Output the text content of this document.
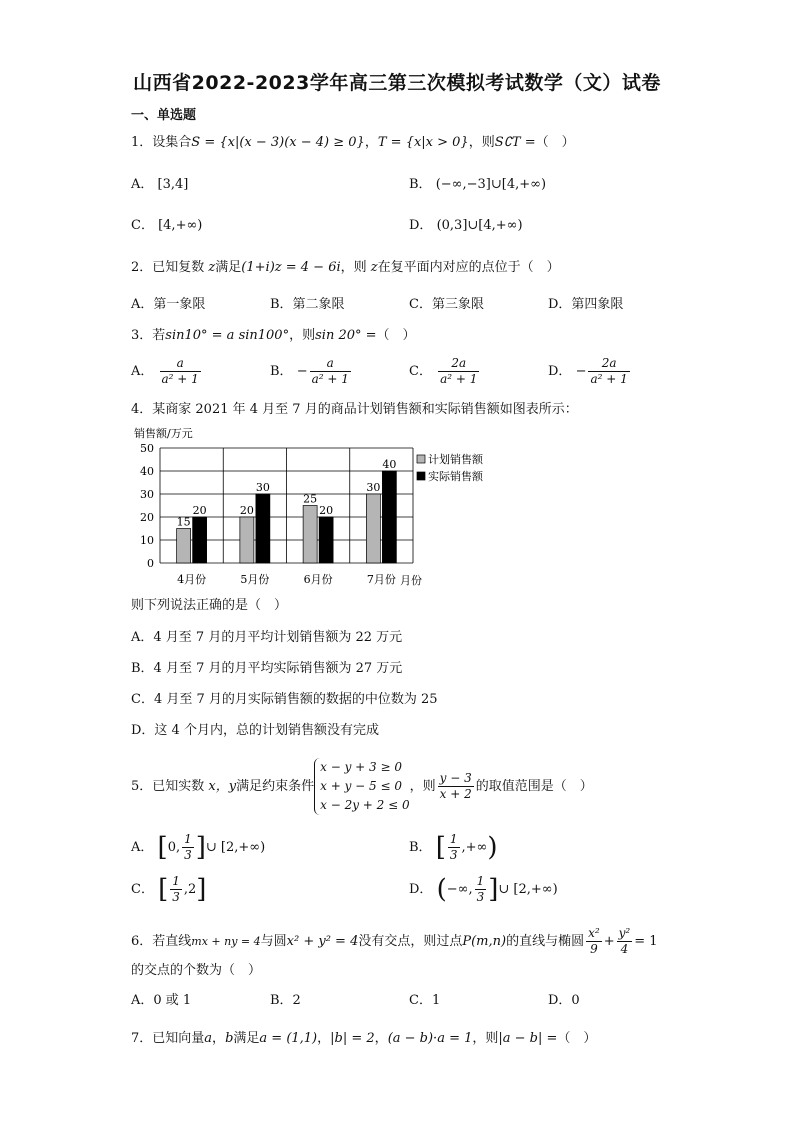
山西省2022-2023学年高三第三次模拟考试数学（文）试卷
一、单选题
1．设集合S = {x|(x − 3)(x − 4) ≥ 0}，T = {x|x > 0}，则S∁T =（　）
A． [3,4]	B． (−∞,−3]∪[4,+∞)
C． [4,+∞)	D． (0,3]∪[4,+∞)
2．已知复数 z满足(1+i)z = 4 − 6i，则 z在复平面内对应的点位于（　）
A．第一象限	B．第二象限	C．第三象限	D．第四象限
3．若sin10° = a sin100°，则sin 20° =（　）
A． $\frac{a}{\text{a² + 1}}$	B． − $\frac{a}{\text{a² + 1}}$	C． $\frac{2a}{\text{a² + 1}}$	D． − $\frac{2a}{\text{a² + 1}}$
4．某商家 2021 年 4 月至 7 月的商品计划销售额和实际销售额如图表所示：
销售额/万元
0
10
20
30
40
50
15
20	20
30
25
20
30
40
4月份	5月份	6月份	7月份 月份
计划销售额
实际销售额
则下列说法正确的是（　）
A．4 月至 7 月的月平均计划销售额为 22 万元
B．4 月至 7 月的月平均实际销售额为 27 万元
C．4 月至 7 月的月实际销售额的数据的中位数为 25
D．这 4 个月内，总的计划销售额没有完成
5．已知实数 x，y满足约束条件
x − y + 3 ≥ 0
x + y − 5 ≤ 0
x − 2y + 2 ≤ 0
，则 $\frac{y - 3}{x + 2}$ 的取值范围是（　）
A． [0, $\frac{1}{3}$ ]∪ [2,+∞)	B． [ $\frac{1}{3}$ ,+∞)
C． [ $\frac{1}{3} ,2$]	D． (−∞, $\frac{1}{3}$ ]∪ [2,+∞)
6．若直线mx + ny = 4与圆x² + y² = 4没有交点，则过点P(m,n)的直线与椭圆 $\frac{\text{x²}}{9} + \frac{\text{y²}}{4} = 1$
的交点的个数为（　）
A．0 或 1	B．2	C．1	D．0
7．已知向量a，b满足a = (1,1)，|b| = 2，(a − b)·a = 1，则|a − b| =（　）
